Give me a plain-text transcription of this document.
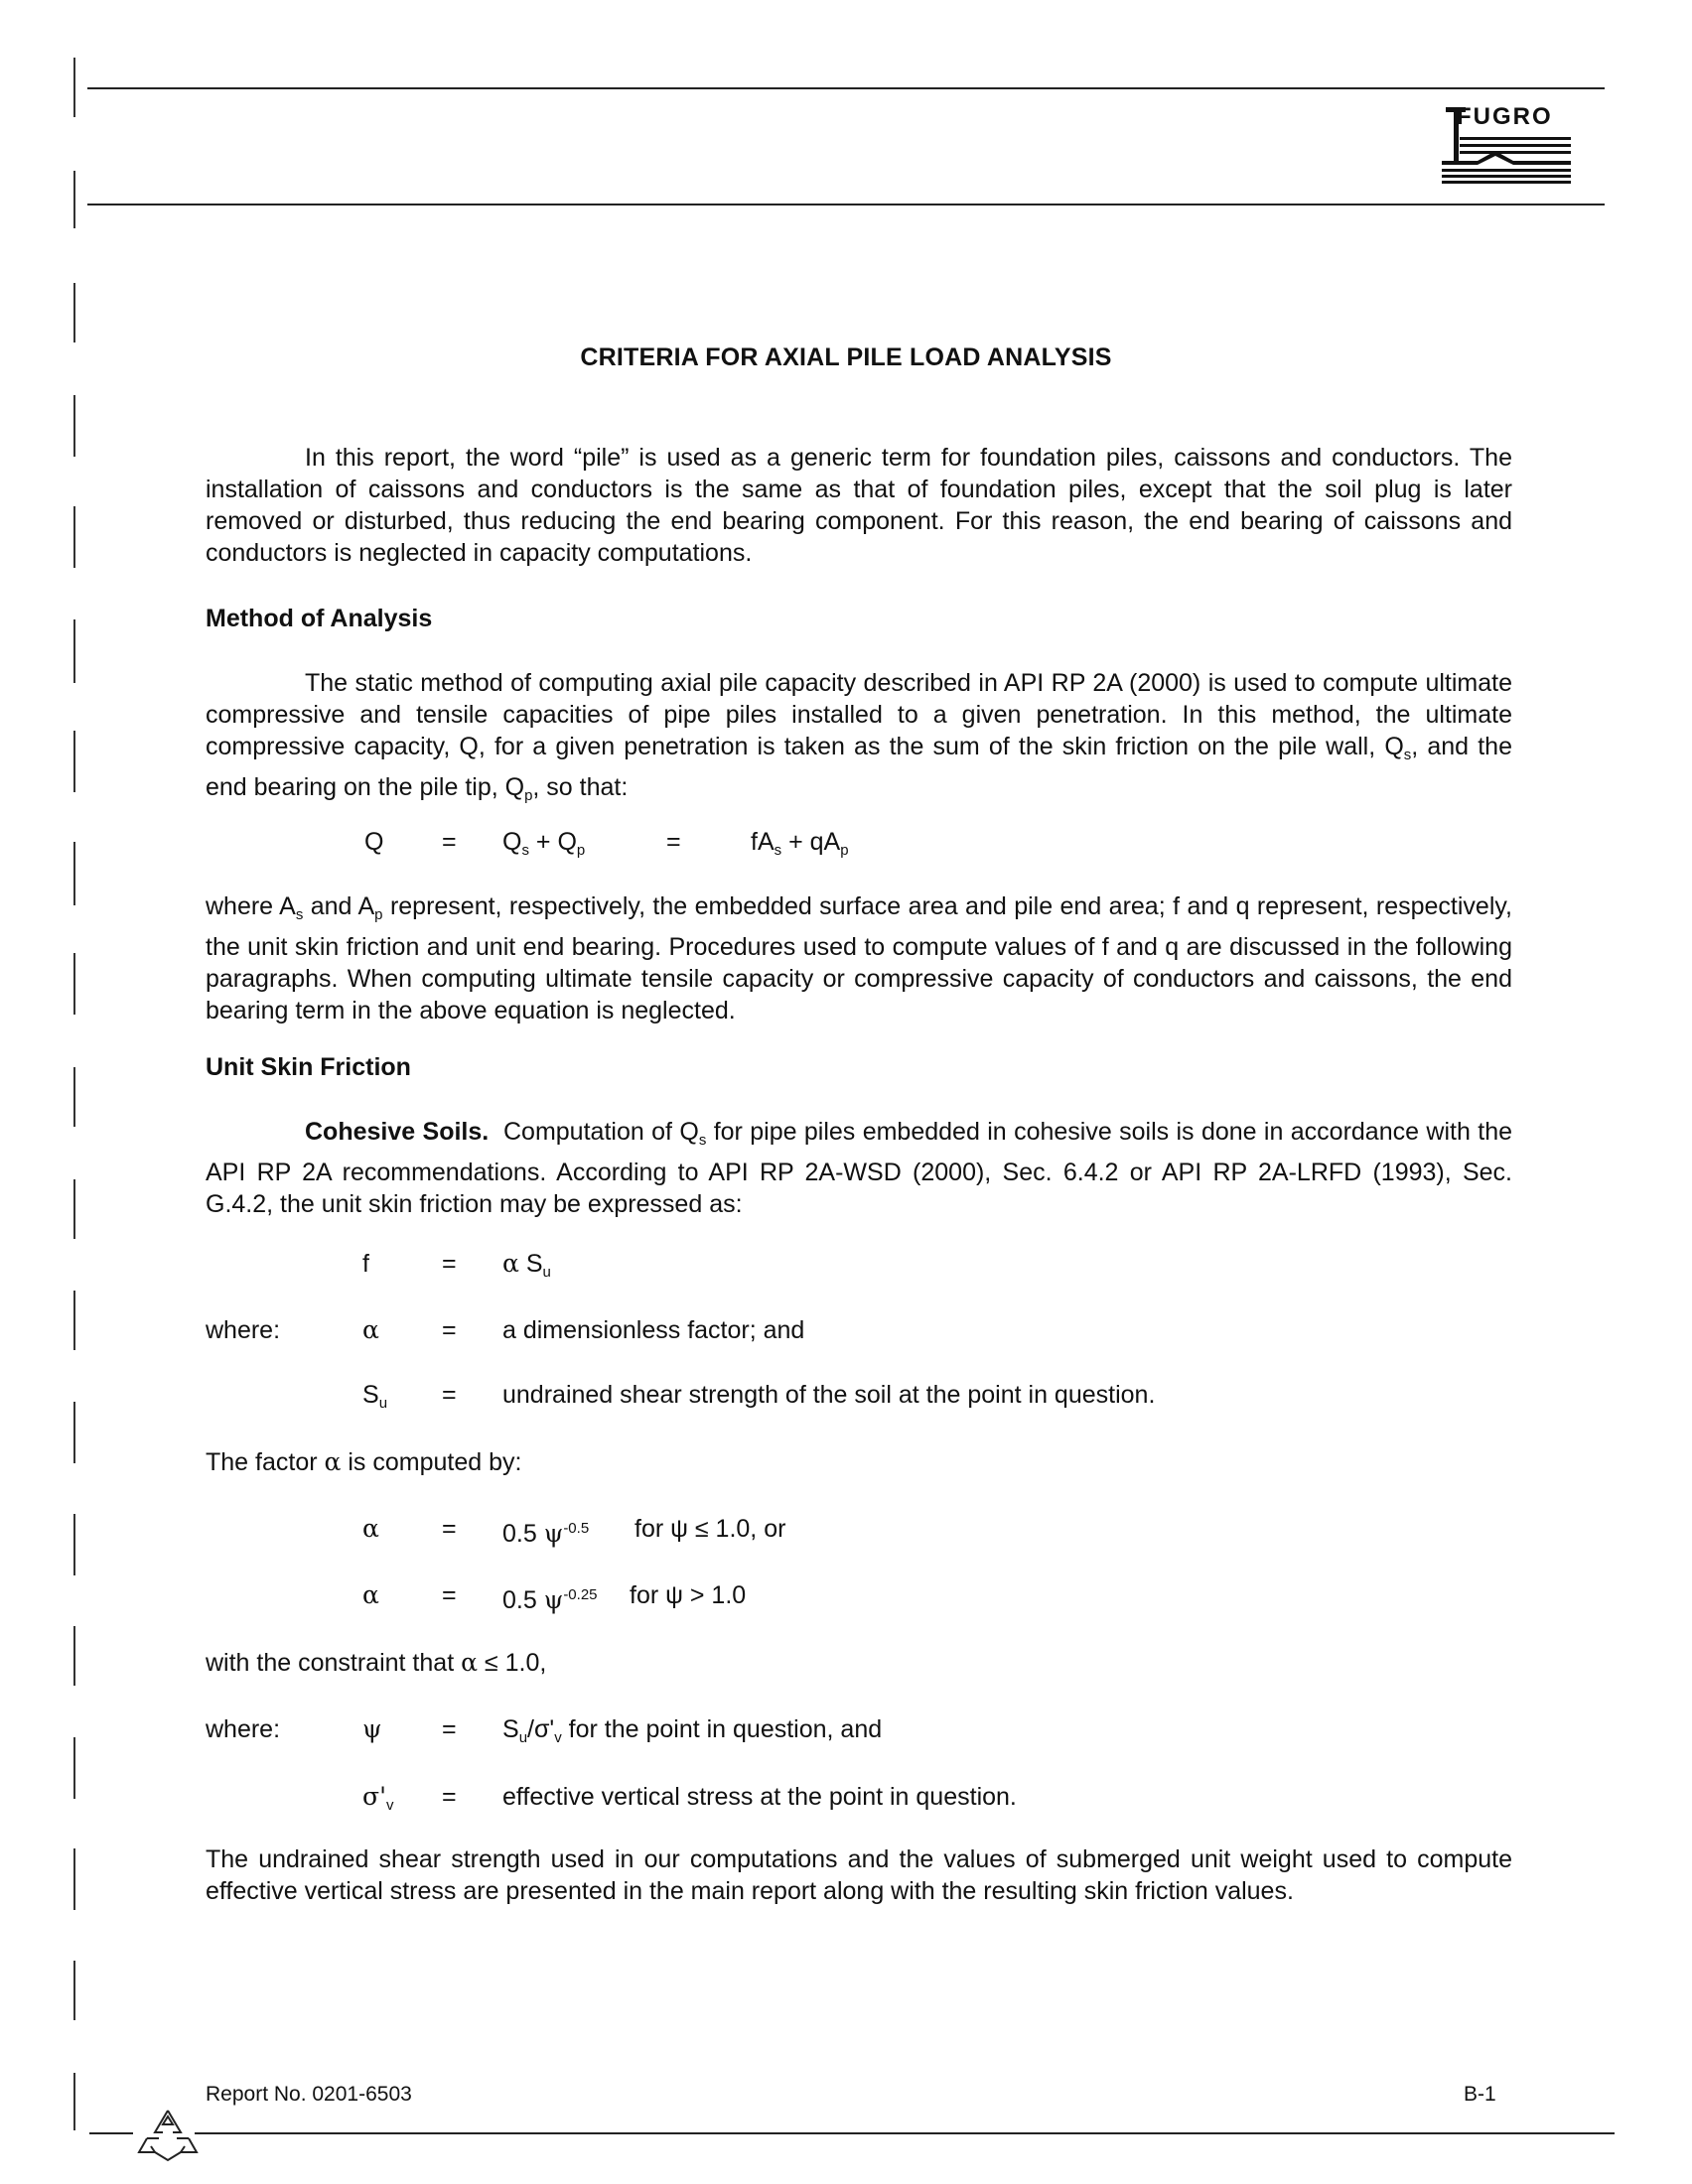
FUGRO
CRITERIA FOR AXIAL PILE LOAD ANALYSIS

In this report, the word “pile” is used as a generic term for foundation piles, caissons and conductors. The installation of caissons and conductors is the same as that of foundation piles, except that the soil plug is later removed or disturbed, thus reducing the end bearing component. For this reason, the end bearing of caissons and conductors is neglected in capacity computations.

Method of Analysis

The static method of computing axial pile capacity described in API RP 2A (2000) is used to compute ultimate compressive and tensile capacities of pipe piles installed to a given penetration. In this method, the ultimate compressive capacity, Q, for a given penetration is taken as the sum of the skin friction on the pile wall, $Q_s$, and the end bearing on the pile tip, $Q_p$, so that:

$Q = Q_s + Q_p$	=	$fA_s + qA_p$

where $A_s$ and $A_p$ represent, respectively, the embedded surface area and pile end area; f and q represent, respectively, the unit skin friction and unit end bearing. Procedures used to compute values of f and q are discussed in the following paragraphs. When computing ultimate tensile capacity or compressive capacity of conductors and caissons, the end bearing term in the above equation is neglected.

Unit Skin Friction

Cohesive Soils. Computation of $Q_s$ for pipe piles embedded in cohesive soils is done in accordance with the API RP 2A recommendations. According to API RP 2A-WSD (2000), Sec. 6.4.2 or API RP 2A-LRFD (1993), Sec. G.4.2, the unit skin friction may be expressed as:

f	= α $S_u$
where:	α	= a dimensionless factor; and
$S_u$ = undrained shear strength of the soil at the point in question.
The factor α is computed by:
α	= 0.5 $\psi^{-0.5}$ for ψ ≤ 1.0, or
α	= 0.5 $\psi^{-0.25}$ for ψ > 1.0
with the constraint that α ≤ 1.0,
where:	$\psi = S_u/\sigma'_v$ for the point in question, and
$\sigma'_v$ = effective vertical stress at the point in question.

The undrained shear strength used in our computations and the values of submerged unit weight used to compute effective vertical stress are presented in the main report along with the resulting skin friction values.

Report No. 0201-6503	B-1
